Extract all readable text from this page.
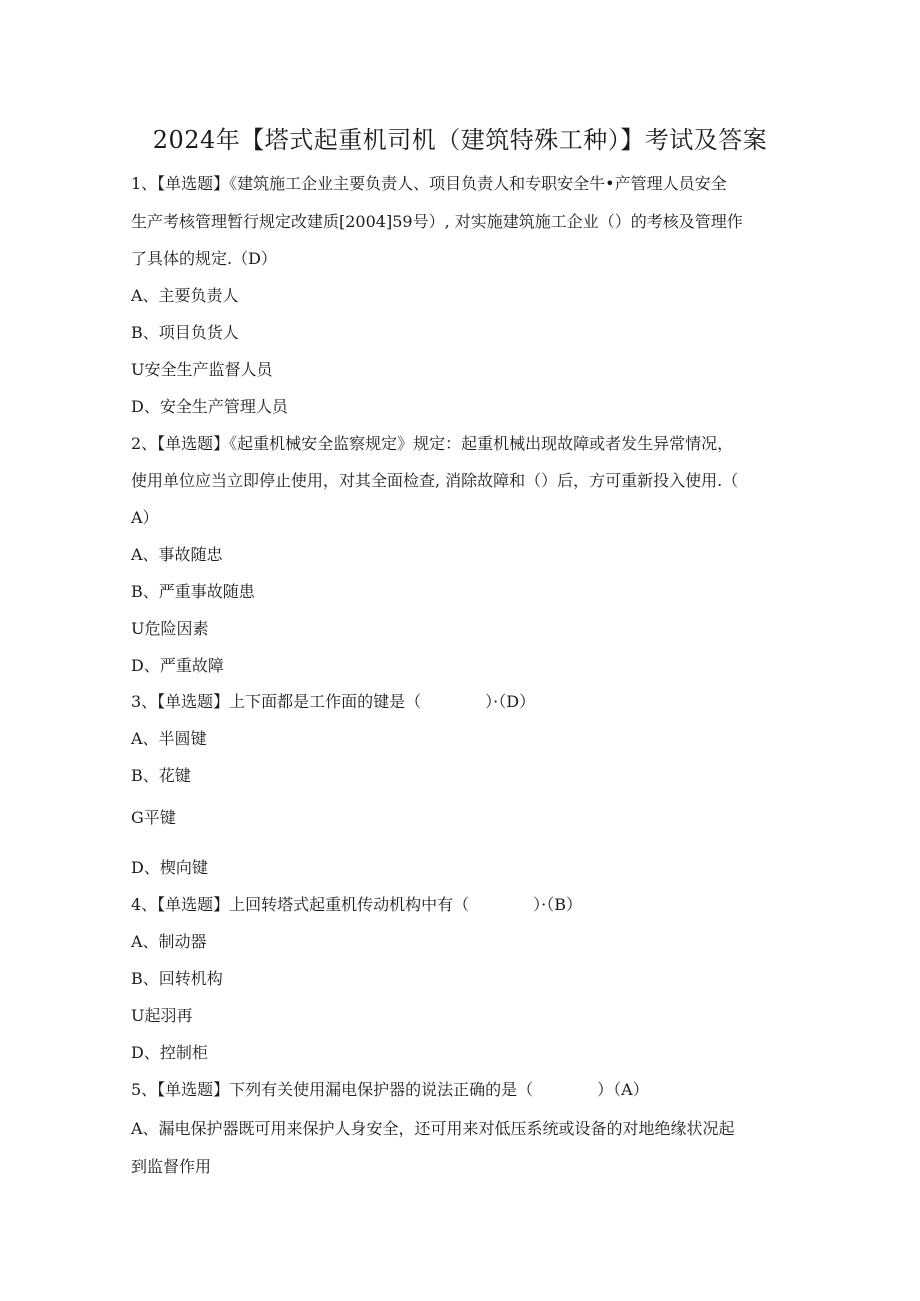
2024年【塔式起重机司机（建筑特殊工种）】考试及答案
1、【单选题】《建筑施工企业主要负责人、项目负责人和专职安全牛•产管理人员安全
生产考核管理暂行规定改建质[2004]59号）, 对实施建筑施工企业（）的考核及管理作
了具体的规定.（D）
A、主要负责人
B、项目负货人
U安全生产监督人员
D、安全生产管理人员
2、【单选题】《起重机械安全监察规定》规定：起重机械出现故障或者发生异常情况，
使用单位应当立即停止使用，对其全面检查, 消除故障和（）后，方可重新投入使用.（
A）
A、事故随忠
B、严重事故随患
U危险因素
D、严重故障
3、【单选题】上下面都是工作面的键是（　　　　）·（D）
A、半圆键
B、花键
G平键
D、楔向键
4、【单选题】上回转塔式起重机传动机构中有（　　　　）·（B）
A、制动器
B、回转机构
U起羽再
D、控制柜
5、【单选题】下列有关使用漏电保护器的说法正确的是（　　　　）（A）
A、漏电保护器既可用来保护人身安全，还可用来对低压系统或设备的对地绝缘状况起
到监督作用
